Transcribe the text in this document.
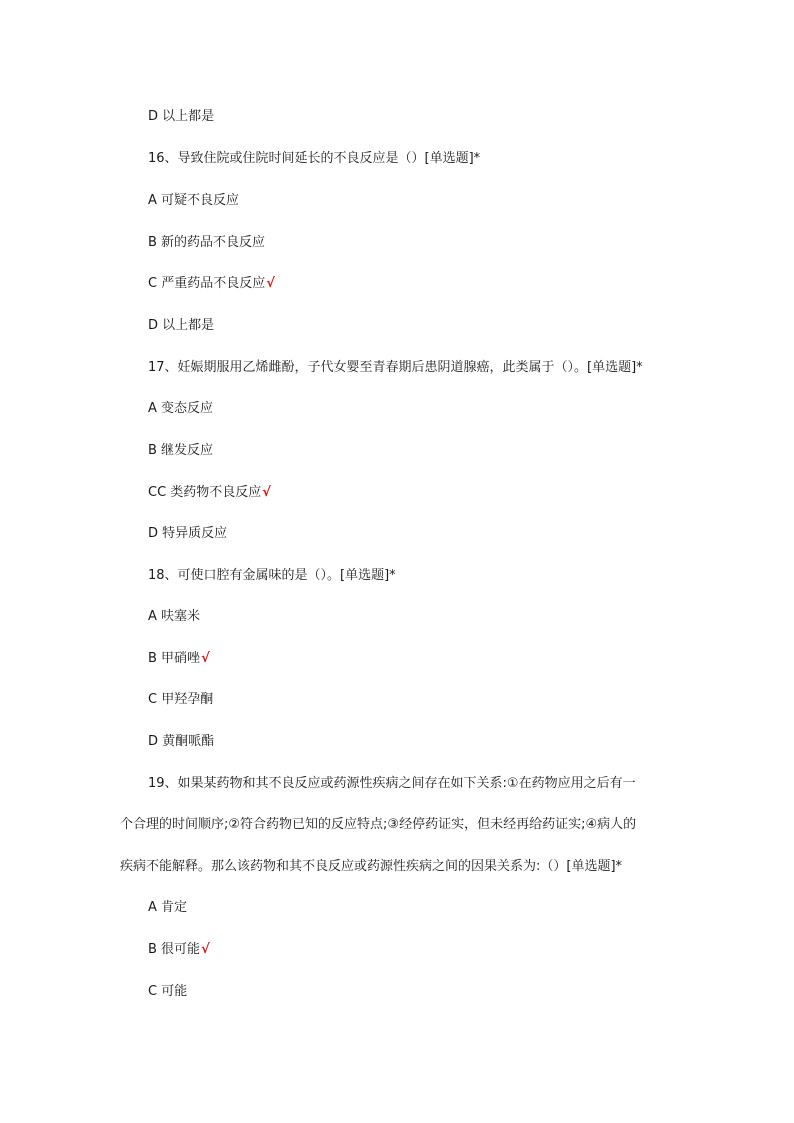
D 以上都是
16、导致住院或住院时间延长的不良反应是（）[单选题]*
A 可疑不良反应
B 新的药品不良反应
C 严重药品不良反应√
D 以上都是
17、妊娠期服用乙烯雌酚，子代女婴至青春期后患阴道腺癌，此类属于（）。[单选题]*
A 变态反应
B 继发反应
CC 类药物不良反应√
D 特异质反应
18、可使口腔有金属味的是（）。[单选题]*
A 呋塞米
B 甲硝唑√
C 甲羟孕酮
D 黄酮哌酯
19、如果某药物和其不良反应或药源性疾病之间存在如下关系:①在药物应用之后有一
个合理的时间顺序;②符合药物已知的反应特点;③经停药证实，但未经再给药证实;④病人的
疾病不能解释。那么该药物和其不良反应或药源性疾病之间的因果关系为:（）[单选题]*
A 肯定
B 很可能√
C 可能
